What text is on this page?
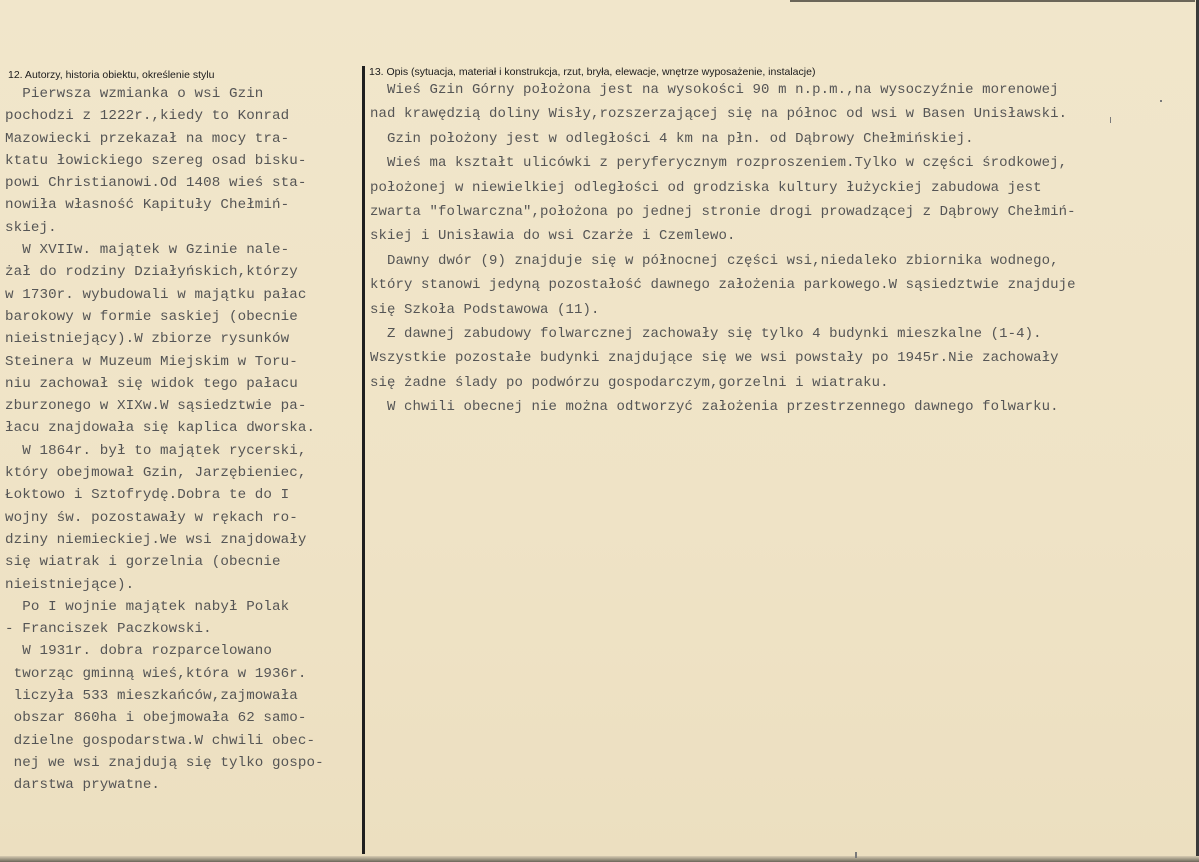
12. Autorzy, historia obiektu, określenie stylu	13. Opis (sytuacja, materiał i konstrukcja, rzut, bryła, elewacje, wnętrze wyposażenie, instalacje)
Pierwsza wzmianka o wsi Gzin
pochodzi z 1222r.,kiedy to Konrad
Mazowiecki przekazał na mocy tra-
ktatu łowickiego szereg osad bisku-
powi Christianowi.Od 1408 wieś sta-
nowiła własność Kapituły Chełmiń-
skiej.
W XVIIw. majątek w Gzinie nale-
żał do rodziny Działyńskich,którzy
w 1730r. wybudowali w majątku pałac
barokowy w formie saskiej (obecnie
nieistniejący).W zbiorze rysunków
Steinera w Muzeum Miejskim w Toru-
niu zachował się widok tego pałacu
zburzonego w XIXw.W sąsiedztwie pa-
łacu znajdowała się kaplica dworska.
W 1864r. był to majątek rycerski,
który obejmował Gzin, Jarzębieniec,
Łoktowo i Sztofrydę.Dobra te do I
wojny św. pozostawały w rękach ro-
dziny niemieckiej.We wsi znajdowały
się wiatrak i gorzelnia (obecnie
nieistniejące).
Po I wojnie majątek nabył Polak
- Franciszek Paczkowski.
W 1931r. dobra rozparcelowano
tworząc gminną wieś,która w 1936r.
liczyła 533 mieszkańców,zajmowała
obszar 860ha i obejmowała 62 samo-
dzielne gospodarstwa.W chwili obec-
nej we wsi znajdują się tylko gospo-
darstwa prywatne.
Wieś Gzin Górny położona jest na wysokości 90 m n.p.m.,na wysoczyźnie morenowej
nad krawędzią doliny Wisły,rozszerzającej się na północ od wsi w Basen Unisławski.
Gzin położony jest w odległości 4 km na płn. od Dąbrowy Chełmińskiej.
Wieś ma kształt ulicówki z peryferycznym rozproszeniem.Tylko w części środkowej,
położonej w niewielkiej odległości od grodziska kultury łużyckiej zabudowa jest
zwarta "folwarczna",położona po jednej stronie drogi prowadzącej z Dąbrowy Chełmiń-
skiej i Unisławia do wsi Czarże i Czemlewo.
Dawny dwór (9) znajduje się w północnej części wsi,niedaleko zbiornika wodnego,
który stanowi jedyną pozostałość dawnego założenia parkowego.W sąsiedztwie znajduje
się Szkoła Podstawowa (11).
Z dawnej zabudowy folwarcznej zachowały się tylko 4 budynki mieszkalne (1-4).
Wszystkie pozostałe budynki znajdujące się we wsi powstały po 1945r.Nie zachowały
się żadne ślady po podwórzu gospodarczym,gorzelni i wiatraku.
W chwili obecnej nie można odtworzyć założenia przestrzennego dawnego folwarku.
